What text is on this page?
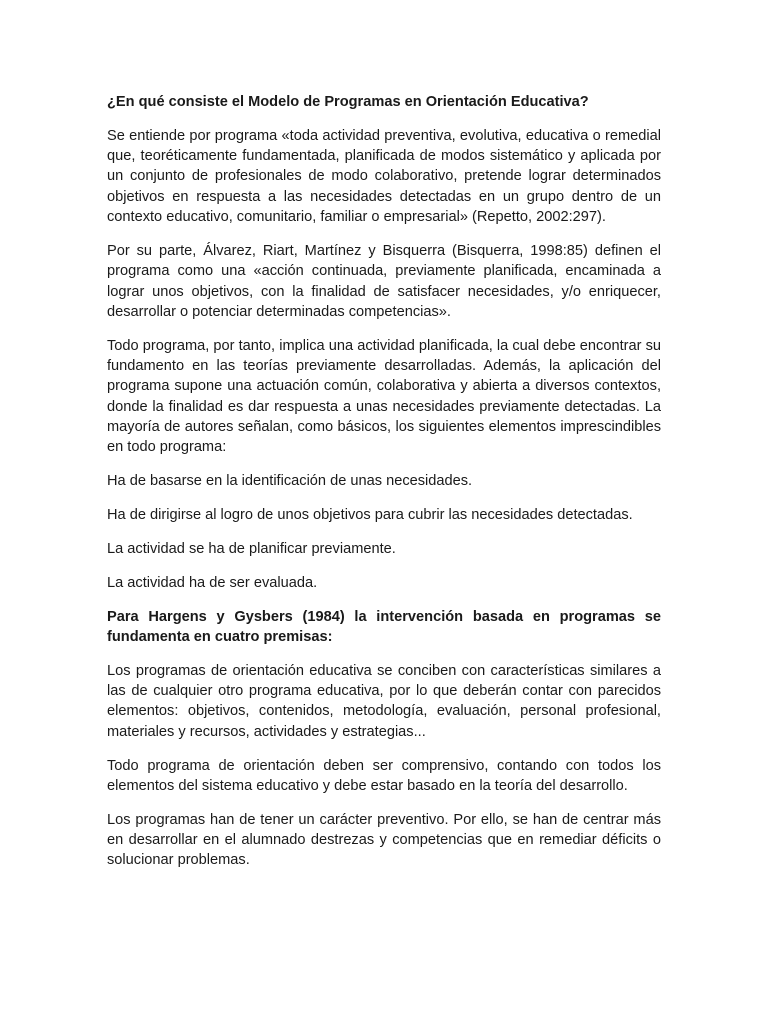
¿En qué consiste el Modelo de Programas en Orientación Educativa?

Se entiende por programa «toda actividad preventiva, evolutiva, educativa o remedial que, teoréticamente fundamentada, planificada de modos sistemático y aplicada por un conjunto de profesionales de modo colaborativo, pretende lograr determinados objetivos en respuesta a las necesidades detectadas en un grupo dentro de un contexto educativo, comunitario, familiar o empresarial» (Repetto, 2002:297).

Por su parte, Álvarez, Riart, Martínez y Bisquerra (Bisquerra, 1998:85) definen el programa como una «acción continuada, previamente planificada, encaminada a lograr unos objetivos, con la finalidad de satisfacer necesidades, y/o enriquecer, desarrollar o potenciar determinadas competencias».

Todo programa, por tanto, implica una actividad planificada, la cual debe encontrar su fundamento en las teorías previamente desarrolladas. Además, la aplicación del programa supone una actuación común, colaborativa y abierta a diversos contextos, donde la finalidad es dar respuesta a unas necesidades previamente detectadas. La mayoría de autores señalan, como básicos, los siguientes elementos imprescindibles en todo programa:

Ha de basarse en la identificación de unas necesidades.

Ha de dirigirse al logro de unos objetivos para cubrir las necesidades detectadas.

La actividad se ha de planificar previamente.

La actividad ha de ser evaluada.

Para Hargens y Gysbers (1984) la intervención basada en programas se fundamenta en cuatro premisas:

Los programas de orientación educativa se conciben con características similares a las de cualquier otro programa educativa, por lo que deberán contar con parecidos elementos: objetivos, contenidos, metodología, evaluación, personal profesional, materiales y recursos, actividades y estrategias...

Todo programa de orientación deben ser comprensivo, contando con todos los elementos del sistema educativo y debe estar basado en la teoría del desarrollo.

Los programas han de tener un carácter preventivo. Por ello, se han de centrar más en desarrollar en el alumnado destrezas y competencias que en remediar déficits o solucionar problemas.
